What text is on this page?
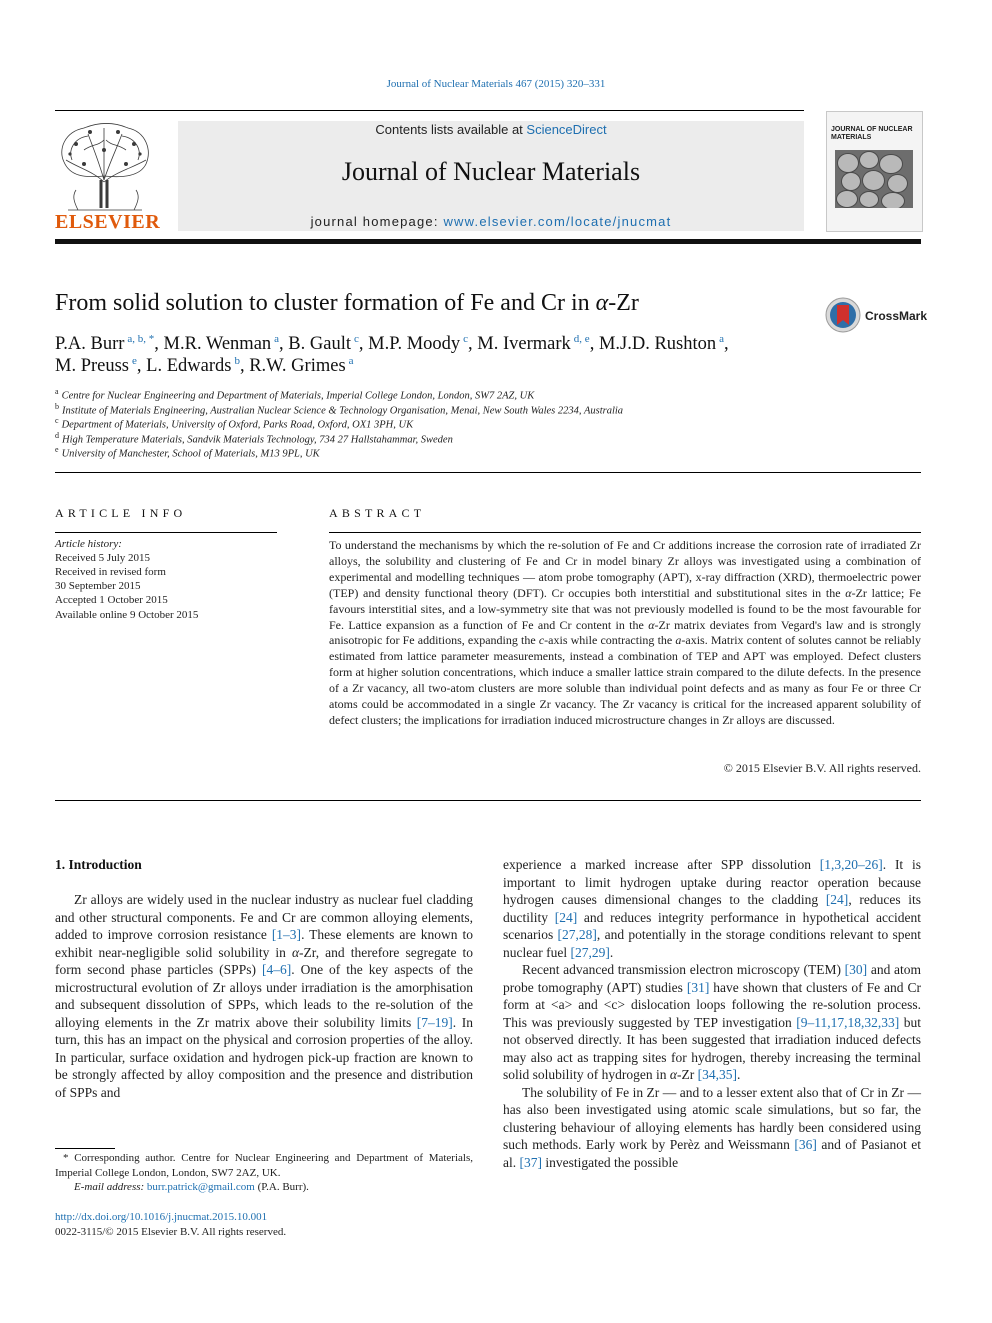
Journal of Nuclear Materials 467 (2015) 320–331
ELSEVIER
Contents lists available at ScienceDirect
Journal of Nuclear Materials
journal homepage: www.elsevier.com/locate/jnucmat
JOURNAL OF NUCLEAR MATERIALS
From solid solution to cluster formation of Fe and Cr in α-Zr	CrossMark
P.A. Burr $^{a, b, *}$, M.R. Wenman $^a$, B. Gault $^c$, M.P. Moody $^c$, M. Ivermark $^{d, e}$, M.J.D. Rushton $^a$,
M. Preuss $^e$, L. Edwards $^b$, R.W. Grimes $^a$
$^a$ Centre for Nuclear Engineering and Department of Materials, Imperial College London, London, SW7 2AZ, UK
$^b$ Institute of Materials Engineering, Australian Nuclear Science & Technology Organisation, Menai, New South Wales 2234, Australia
$^c$ Department of Materials, University of Oxford, Parks Road, Oxford, OX1 3PH, UK
$^d$ High Temperature Materials, Sandvik Materials Technology, 734 27 Hallstahammar, Sweden
$^e$ University of Manchester, School of Materials, M13 9PL, UK
ARTICLE INFO
Article history:
Received 5 July 2015
Received in revised form
30 September 2015
Accepted 1 October 2015
Available online 9 October 2015
ABSTRACT
To understand the mechanisms by which the re-solution of Fe and Cr additions increase the corrosion rate of irradiated Zr alloys, the solubility and clustering of Fe and Cr in model binary Zr alloys was investigated using a combination of experimental and modelling techniques — atom probe tomography (APT), x-ray diffraction (XRD), thermoelectric power (TEP) and density functional theory (DFT). Cr occupies both interstitial and substitutional sites in the α-Zr lattice; Fe favours interstitial sites, and a low-symmetry site that was not previously modelled is found to be the most favourable for Fe. Lattice expansion as a function of Fe and Cr content in the α-Zr matrix deviates from Vegard's law and is strongly anisotropic for Fe additions, expanding the c-axis while contracting the a-axis. Matrix content of solutes cannot be reliably estimated from lattice parameter measurements, instead a combination of TEP and APT was employed. Defect clusters form at higher solution concentrations, which induce a smaller lattice strain compared to the dilute defects. In the presence of a Zr vacancy, all two-atom clusters are more soluble than individual point defects and as many as four Fe or three Cr atoms could be accommodated in a single Zr vacancy. The Zr vacancy is critical for the increased apparent solubility of defect clusters; the implications for irradiation induced microstructure changes in Zr alloys are discussed.
© 2015 Elsevier B.V. All rights reserved.
1. Introduction

Zr alloys are widely used in the nuclear industry as nuclear fuel cladding and other structural components. Fe and Cr are common alloying elements, added to improve corrosion resistance [1–3]. These elements are known to exhibit near-negligible solid solubility in α-Zr, and therefore segregate to form second phase particles (SPPs) [4–6]. One of the key aspects of the microstructural evolution of Zr alloys under irradiation is the amorphisation and subsequent dissolution of SPPs, which leads to the re-solution of the alloying elements in the Zr matrix above their solubility limits [7–19]. In turn, this has an impact on the physical and corrosion properties of the alloy. In particular, surface oxidation and hydrogen pick-up fraction are known to be strongly affected by alloy composition and the presence and distribution of SPPs and

experience a marked increase after SPP dissolution [1,3,20–26]. It is important to limit hydrogen uptake during reactor operation because hydrogen causes dimensional changes to the cladding [24], reduces its ductility [24] and reduces integrity performance in hypothetical accident scenarios [27,28], and potentially in the storage conditions relevant to spent nuclear fuel [27,29].

Recent advanced transmission electron microscopy (TEM) [30] and atom probe tomography (APT) studies [31] have shown that clusters of Fe and Cr form at <a> and <c> dislocation loops following the re-solution process. This was previously suggested by TEP investigation [9–11,17,18,32,33] but not observed directly. It has been suggested that irradiation induced defects may also act as trapping sites for hydrogen, thereby increasing the terminal solid solubility of hydrogen in α-Zr [34,35].

The solubility of Fe in Zr — and to a lesser extent also that of Cr in Zr — has also been investigated using atomic scale simulations, but so far, the clustering behaviour of alloying elements has hardly been considered using such methods. Early work by Perèz and Weissmann [36] and of Pasianot et al. [37] investigated the possible

* Corresponding author. Centre for Nuclear Engineering and Department of Materials, Imperial College London, London, SW7 2AZ, UK.
E-mail address: burr.patrick@gmail.com (P.A. Burr).
http://dx.doi.org/10.1016/j.jnucmat.2015.10.001
0022-3115/© 2015 Elsevier B.V. All rights reserved.
